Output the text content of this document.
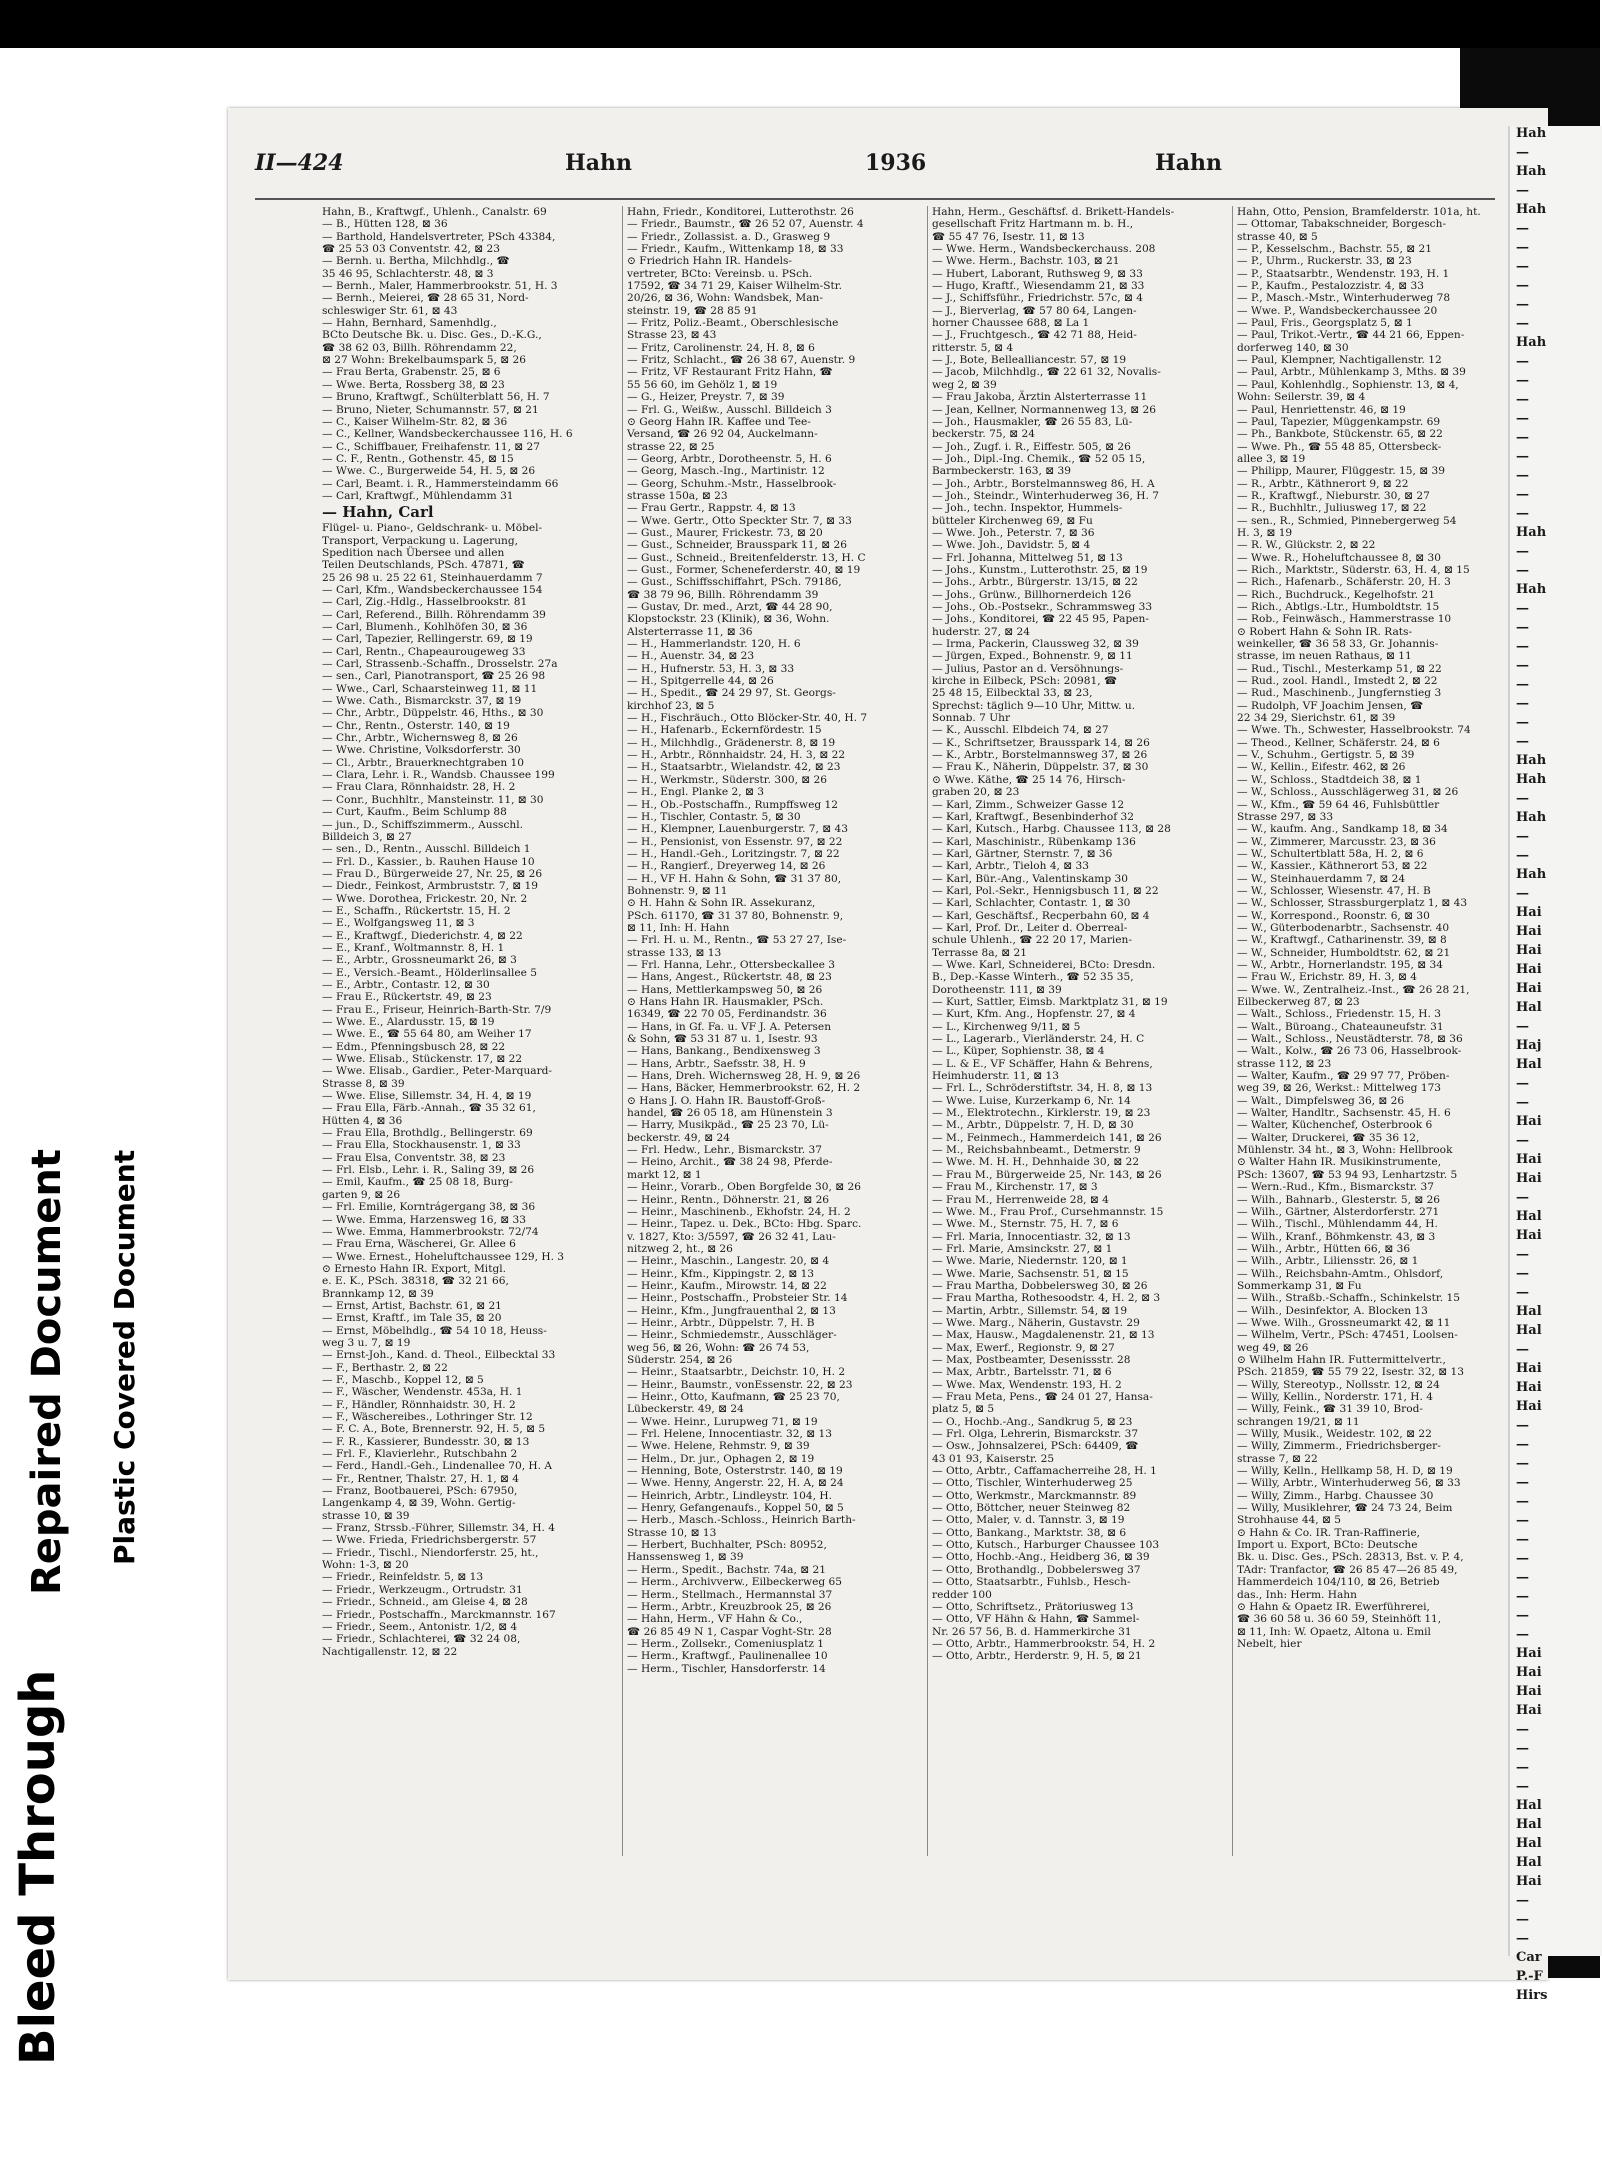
Bleed Through
Repaired Document Plastic Covered Document
Hah
—
Hah
—
Hah
—
—
—
—
—
—
Hah
—
—
—
—
—
—
—
—
—
Hah
—
—
Hah
—
—
—
—
—
—
—
—
Hah
Hah
—
Hah
—
—
Hah
—
Hai
Hai
Hai
Hai
Hai
Hal
—
Haj
Hal
—
—
Hai
—
Hai
Hai
—
Hal
Hai
—
—
—
Hal
Hal
—
Hai
Hai
Hai
—
—
—
—
—
—
—
—
—
—
—
—
Hai
Hai
Hai
Hai
—
—
—
—
Hal
Hal
Hal
Hal
Hai
—
—
—
Car
P.-F
Hirs
II—424	Hahn	1936	Hahn
Hahn, B., Kraftwgf., Uhlenh., Canalstr. 69
— B., Hütten 128, ⊠ 36
— Barthold, Handelsvertreter, PSch 43384,
☎ 25 53 03 Conventstr. 42, ⊠ 23
— Bernh. u. Bertha, Milchhdlg., ☎
35 46 95, Schlachterstr. 48, ⊠ 3
— Bernh., Maler, Hammerbrookstr. 51, H. 3
— Bernh., Meierei, ☎ 28 65 31, Nord-
schleswiger Str. 61, ⊠ 43
— Hahn, Bernhard, Samenhdlg.,
BCto Deutsche Bk. u. Disc. Ges., D.-K.G.,
☎ 38 62 03, Billh. Röhrendamm 22,
⊠ 27 Wohn: Brekelbaumspark 5, ⊠ 26
— Frau Berta, Grabenstr. 25, ⊠ 6
— Wwe. Berta, Rossberg 38, ⊠ 23
— Bruno, Kraftwgf., Schülterblatt 56, H. 7
— Bruno, Nieter, Schumannstr. 57, ⊠ 21
— C., Kaiser Wilhelm-Str. 82, ⊠ 36
— C., Kellner, Wandsbeckerchaussee 116, H. 6
— C., Schiffbauer, Freihafenstr. 11, ⊠ 27
— C. F., Rentn., Gothenstr. 45, ⊠ 15
— Wwe. C., Burgerweide 54, H. 5, ⊠ 26
— Carl, Beamt. i. R., Hammersteindamm 66
— Carl, Kraftwgf., Mühlendamm 31
— Hahn, Carl
Flügel- u. Piano-, Geldschrank- u. Möbel-
Transport, Verpackung u. Lagerung,
Spedition nach Übersee und allen
Teilen Deutschlands, PSch. 47871, ☎
25 26 98 u. 25 22 61, Steinhauerdamm 7
— Carl, Kfm., Wandsbeckerchaussee 154
— Carl, Zig.-Hdlg., Hasselbrookstr. 81
— Carl, Referend., Billh. Röhrendamm 39
— Carl, Blumenh., Kohlhöfen 30, ⊠ 36
— Carl, Tapezier, Rellingerstr. 69, ⊠ 19
— Carl, Rentn., Chapeaurougeweg 33
— Carl, Strassenb.-Schaffn., Drosselstr. 27a
— sen., Carl, Pianotransport, ☎ 25 26 98
— Wwe., Carl, Schaarsteinweg 11, ⊠ 11
— Wwe. Cath., Bismarckstr. 37, ⊠ 19
— Chr., Arbtr., Düppelstr. 46, Hths., ⊠ 30
— Chr., Rentn., Osterstr. 140, ⊠ 19
— Chr., Arbtr., Wichernsweg 8, ⊠ 26
— Wwe. Christine, Volksdorferstr. 30
— Cl., Arbtr., Brauerknechtgraben 10
— Clara, Lehr. i. R., Wandsb. Chaussee 199
— Frau Clara, Rönnhaidstr. 28, H. 2
— Conr., Buchhltr., Mansteinstr. 11, ⊠ 30
— Curt, Kaufm., Beim Schlump 88
— jun., D., Schiffszimmerm., Ausschl.
Billdeich 3, ⊠ 27
— sen., D., Rentn., Ausschl. Billdeich 1
— Frl. D., Kassier., b. Rauhen Hause 10
— Frau D., Bürgerweide 27, Nr. 25, ⊠ 26
— Diedr., Feinkost, Armbruststr. 7, ⊠ 19
— Wwe. Dorothea, Frickestr. 20, Nr. 2
— E., Schaffn., Rückertstr. 15, H. 2
— E., Wolfgangsweg 11, ⊠ 3
— E., Kraftwgf., Diederichstr. 4, ⊠ 22
— E., Kranf., Woltmannstr. 8, H. 1
— E., Arbtr., Grossneumarkt 26, ⊠ 3
— E., Versich.-Beamt., Hölderlinsallee 5
— E., Arbtr., Contastr. 12, ⊠ 30
— Frau E., Rückertstr. 49, ⊠ 23
— Frau E., Friseur, Heinrich-Barth-Str. 7/9
— Wwe. E., Alardusstr. 15, ⊠ 19
— Wwe. E., ☎ 55 64 80, am Weiher 17
— Edm., Pfenningsbusch 28, ⊠ 22
— Wwe. Elisab., Stückenstr. 17, ⊠ 22
— Wwe. Elisab., Gardier., Peter-Marquard-
Strasse 8, ⊠ 39
— Wwe. Elise, Sillemstr. 34, H. 4, ⊠ 19
— Frau Ella, Färb.-Annah., ☎ 35 32 61,
Hütten 4, ⊠ 36
— Frau Ella, Brothdlg., Bellingerstr. 69
— Frau Ella, Stockhausenstr. 1, ⊠ 33
— Frau Elsa, Conventstr. 38, ⊠ 23
— Frl. Elsb., Lehr. i. R., Saling 39, ⊠ 26
— Emil, Kaufm., ☎ 25 08 18, Burg-
garten 9, ⊠ 26
— Frl. Emilie, Korntrágergang 38, ⊠ 36
— Wwe. Emma, Harzensweg 16, ⊠ 33
— Wwe. Emma, Hammerbrookstr. 72/74
— Frau Erna, Wäscherei, Gr. Allee 6
— Wwe. Ernest., Hoheluftchaussee 129, H. 3
⊙ Ernesto Hahn IR. Export, Mitgl.
e. E. K., PSch. 38318, ☎ 32 21 66,
Brannkamp 12, ⊠ 39
— Ernst, Artist, Bachstr. 61, ⊠ 21
— Ernst, Kraftf., im Tale 35, ⊠ 20
— Ernst, Möbelhdlg., ☎ 54 10 18, Heuss-
weg 3 u. 7, ⊠ 19
— Ernst-Joh., Kand. d. Theol., Eilbecktal 33
— F., Berthastr. 2, ⊠ 22
— F., Maschb., Koppel 12, ⊠ 5
— F., Wäscher, Wendenstr. 453a, H. 1
— F., Händler, Rönnhaidstr. 30, H. 2
— F., Wäschereibes., Lothringer Str. 12
— F. C. A., Bote, Brennerstr. 92, H. 5, ⊠ 5
— F. R., Kassierer, Bundesstr. 30, ⊠ 13
— Frl. F., Klavierlehr., Rutschbahn 2
— Ferd., Handl.-Geh., Lindenallee 70, H. A
— Fr., Rentner, Thalstr. 27, H. 1, ⊠ 4
— Franz, Bootbauerei, PSch: 67950,
Langenkamp 4, ⊠ 39, Wohn. Gertig-
strasse 10, ⊠ 39
— Franz, Strssb.-Führer, Sillemstr. 34, H. 4
— Wwe. Frieda, Friedrichsbergerstr. 57
— Friedr., Tischl., Niendorferstr. 25, ht.,
Wohn: 1-3, ⊠ 20
— Friedr., Reinfeldstr. 5, ⊠ 13
— Friedr., Werkzeugm., Ortrudstr. 31
— Friedr., Schneid., am Gleise 4, ⊠ 28
— Friedr., Postschaffn., Marckmannstr. 167
— Friedr., Seem., Antonistr. 1/2, ⊠ 4
— Friedr., Schlachterei, ☎ 32 24 08,
Nachtigallenstr. 12, ⊠ 22
Hahn, Friedr., Konditorei, Lutterothstr. 26
— Friedr., Baumstr., ☎ 26 52 07, Auenstr. 4
— Friedr., Zollassist. a. D., Grasweg 9
— Friedr., Kaufm., Wittenkamp 18, ⊠ 33
⊙ Friedrich Hahn IR. Handels-
vertreter, BCto: Vereinsb. u. PSch.
17592, ☎ 34 71 29, Kaiser Wilhelm-Str.
20/26, ⊠ 36, Wohn: Wandsbek, Man-
steinstr. 19, ☎ 28 85 91
— Fritz, Poliz.-Beamt., Oberschlesische
Strasse 23, ⊠ 43
— Fritz, Carolinenstr. 24, H. 8, ⊠ 6
— Fritz, Schlacht., ☎ 26 38 67, Auenstr. 9
— Fritz, VF Restaurant Fritz Hahn, ☎
55 56 60, im Gehölz 1, ⊠ 19
— G., Heizer, Preystr. 7, ⊠ 39
— Frl. G., Weißw., Ausschl. Billdeich 3
⊙ Georg Hahn IR. Kaffee und Tee-
Versand, ☎ 26 92 04, Auckelmann-
strasse 22, ⊠ 25
— Georg, Arbtr., Dorotheenstr. 5, H. 6
— Georg, Masch.-Ing., Martinistr. 12
— Georg, Schuhm.-Mstr., Hasselbrook-
strasse 150a, ⊠ 23
— Frau Gertr., Rappstr. 4, ⊠ 13
— Wwe. Gertr., Otto Speckter Str. 7, ⊠ 33
— Gust., Maurer, Frickestr. 73, ⊠ 20
— Gust., Schneider, Brausspark 11, ⊠ 26
— Gust., Schneid., Breitenfelderstr. 13, H. C
— Gust., Former, Scheneferderstr. 40, ⊠ 19
— Gust., Schiffsschiffahrt, PSch. 79186,
☎ 38 79 96, Billh. Röhrendamm 39
— Gustav, Dr. med., Arzt, ☎ 44 28 90,
Klopstockstr. 23 (Klinik), ⊠ 36, Wohn.
Alsterterrasse 11, ⊠ 36
— H., Hammerlandstr. 120, H. 6
— H., Auenstr. 34, ⊠ 23
— H., Hufnerstr. 53, H. 3, ⊠ 33
— H., Spitgerrelle 44, ⊠ 26
— H., Spedit., ☎ 24 29 97, St. Georgs-
kirchhof 23, ⊠ 5
— H., Fischräuch., Otto Blöcker-Str. 40, H. 7
— H., Hafenarb., Eckernfördestr. 15
— H., Milchhdlg., Grädenerstr. 8, ⊠ 19
— H., Arbtr., Rönnhaidstr. 24, H. 3, ⊠ 22
— H., Staatsarbtr., Wielandstr. 42, ⊠ 23
— H., Werkmstr., Süderstr. 300, ⊠ 26
— H., Engl. Planke 2, ⊠ 3
— H., Ob.-Postschaffn., Rumpffsweg 12
— H., Tischler, Contastr. 5, ⊠ 30
— H., Klempner, Lauenburgerstr. 7, ⊠ 43
— H., Pensionist, von Essenstr. 97, ⊠ 22
— H., Handl.-Geh., Loritzingstr. 7, ⊠ 22
— H., Rangierf., Dreyerweg 14, ⊠ 26
— H., VF H. Hahn & Sohn, ☎ 31 37 80,
Bohnenstr. 9, ⊠ 11
⊙ H. Hahn & Sohn IR. Assekuranz,
PSch. 61170, ☎ 31 37 80, Bohnenstr. 9,
⊠ 11, Inh: H. Hahn
— Frl. H. u. M., Rentn., ☎ 53 27 27, Ise-
strasse 133, ⊠ 13
— Frl. Hanna, Lehr., Ottersbeckallee 3
— Hans, Angest., Rückertstr. 48, ⊠ 23
— Hans, Mettlerkampsweg 50, ⊠ 26
⊙ Hans Hahn IR. Hausmakler, PSch.
16349, ☎ 22 70 05, Ferdinandstr. 36
— Hans, in Gf. Fa. u. VF J. A. Petersen
& Sohn, ☎ 53 31 87 u. 1, Isestr. 93
— Hans, Bankang., Bendixensweg 3
— Hans, Arbtr., Saefsstr. 38, H. 9
— Hans, Dreh. Wichernsweg 28, H. 9, ⊠ 26
— Hans, Bäcker, Hemmerbrookstr. 62, H. 2
⊙ Hans J. O. Hahn IR. Baustoff-Groß-
handel, ☎ 26 05 18, am Hünenstein 3
— Harry, Musikpäd., ☎ 25 23 70, Lü-
beckerstr. 49, ⊠ 24
— Frl. Hedw., Lehr., Bismarckstr. 37
— Heino, Archit., ☎ 38 24 98, Pferde-
markt 12, ⊠ 1
— Heinr., Vorarb., Oben Borgfelde 30, ⊠ 26
— Heinr., Rentn., Döhnerstr. 21, ⊠ 26
— Heinr., Maschinenb., Ekhofstr. 24, H. 2
— Heinr., Tapez. u. Dek., BCto: Hbg. Sparc.
v. 1827, Kto: 3/5597, ☎ 26 32 41, Lau-
nitzweg 2, ht., ⊠ 26
— Heinr., Maschin., Langestr. 20, ⊠ 4
— Heinr., Kfm., Kippingstr. 2, ⊠ 13
— Heinr., Kaufm., Mirowstr. 14, ⊠ 22
— Heinr., Postschaffn., Probsteier Str. 14
— Heinr., Kfm., Jungfrauenthal 2, ⊠ 13
— Heinr., Arbtr., Düppelstr. 7, H. B
— Heinr., Schmiedemstr., Ausschläger-
weg 56, ⊠ 26, Wohn: ☎ 26 74 53,
Süderstr. 254, ⊠ 26
— Heinr., Staatsarbtr., Deichstr. 10, H. 2
— Heinr., Baumstr., vonEssenstr. 22, ⊠ 23
— Heinr., Otto, Kaufmann, ☎ 25 23 70,
Lübeckerstr. 49, ⊠ 24
— Wwe. Heinr., Lurupweg 71, ⊠ 19
— Frl. Helene, Innocentiastr. 32, ⊠ 13
— Wwe. Helene, Rehmstr. 9, ⊠ 39
— Helm., Dr. jur., Ophagen 2, ⊠ 19
— Henning, Bote, Osterstrstr. 140, ⊠ 19
— Wwe. Henny, Angerstr. 22, H. A, ⊠ 24
— Heinrich, Arbtr., Lindleystr. 104, H.
— Henry, Gefangenaufs., Koppel 50, ⊠ 5
— Herb., Masch.-Schloss., Heinrich Barth-
Strasse 10, ⊠ 13
— Herbert, Buchhalter, PSch: 80952,
Hanssensweg 1, ⊠ 39
— Herm., Spedit., Bachstr. 74a, ⊠ 21
— Herm., Archivverw., Eilbeckerweg 65
— Herm., Stellmach., Hermannstal 37
— Herm., Arbtr., Kreuzbrook 25, ⊠ 26
— Hahn, Herm., VF Hahn & Co.,
☎ 26 85 49 N 1, Caspar Voght-Str. 28
— Herm., Zollsekr., Comeniusplatz 1
— Herm., Kraftwgf., Paulinenallee 10
— Herm., Tischler, Hansdorferstr. 14
Hahn, Herm., Geschäftsf. d. Brikett-Handels-
gesellschaft Fritz Hartmann m. b. H.,
☎ 55 47 76, Isestr. 11, ⊠ 13
— Wwe. Herm., Wandsbeckerchauss. 208
— Wwe. Herm., Bachstr. 103, ⊠ 21
— Hubert, Laborant, Ruthsweg 9, ⊠ 33
— Hugo, Kraftf., Wiesendamm 21, ⊠ 33
— J., Schiffsführ., Friedrichstr. 57c, ⊠ 4
— J., Bierverlag, ☎ 57 80 64, Langen-
horner Chaussee 688, ⊠ La 1
— J., Fruchtgesch., ☎ 42 71 88, Heid-
ritterstr. 5, ⊠ 4
— J., Bote, Bellealliancestr. 57, ⊠ 19
— Jacob, Milchhdlg., ☎ 22 61 32, Novalis-
weg 2, ⊠ 39
— Frau Jakoba, Ärztin Alsterterrasse 11
— Jean, Kellner, Normannenweg 13, ⊠ 26
— Joh., Hausmakler, ☎ 26 55 83, Lü-
beckerstr. 75, ⊠ 24
— Joh., Zugf. i. R., Eiffestr. 505, ⊠ 26
— Joh., Dipl.-Ing. Chemik., ☎ 52 05 15,
Barmbeckerstr. 163, ⊠ 39
— Joh., Arbtr., Borstelmannsweg 86, H. A
— Joh., Steindr., Winterhuderweg 36, H. 7
— Joh., techn. Inspektor, Hummels-
bütteler Kirchenweg 69, ⊠ Fu
— Wwe. Joh., Peterstr. 7, ⊠ 36
— Wwe. Joh., Davidstr. 5, ⊠ 4
— Frl. Johanna, Mittelweg 51, ⊠ 13
— Johs., Kunstm., Lutterothstr. 25, ⊠ 19
— Johs., Arbtr., Bürgerstr. 13/15, ⊠ 22
— Johs., Grünw., Billhornerdeich 126
— Johs., Ob.-Postsekr., Schrammsweg 33
— Johs., Konditorei, ☎ 22 45 95, Papen-
huderstr. 27, ⊠ 24
— Irma, Packerin, Claussweg 32, ⊠ 39
— Jürgen, Exped., Bohnenstr. 9, ⊠ 11
— Julius, Pastor an d. Versöhnungs-
kirche in Eilbeck, PSch: 20981, ☎
25 48 15, Eilbecktal 33, ⊠ 23,
Sprechst: täglich 9—10 Uhr, Mittw. u.
Sonnab. 7 Uhr
— K., Ausschl. Elbdeich 74, ⊠ 27
— K., Schriftsetzer, Brausspark 14, ⊠ 26
— K., Arbtr., Borstelmannsweg 37, ⊠ 26
— Frau K., Näherin, Düppelstr. 37, ⊠ 30
⊙ Wwe. Käthe, ☎ 25 14 76, Hirsch-
graben 20, ⊠ 23
— Karl, Zimm., Schweizer Gasse 12
— Karl, Kraftwgf., Besenbinderhof 32
— Karl, Kutsch., Harbg. Chaussee 113, ⊠ 28
— Karl, Maschinistr., Rübenkamp 136
— Karl, Gärtner, Sternstr. 7, ⊠ 36
— Karl, Arbtr., Tieloh 4, ⊠ 33
— Karl, Bür.-Ang., Valentinskamp 30
— Karl, Pol.-Sekr., Hennigsbusch 11, ⊠ 22
— Karl, Schlachter, Contastr. 1, ⊠ 30
— Karl, Geschäftsf., Recperbahn 60, ⊠ 4
— Karl, Prof. Dr., Leiter d. Oberreal-
schule Uhlenh., ☎ 22 20 17, Marien-
Terrasse 8a, ⊠ 21
— Wwe. Karl, Schneiderei, BCto: Dresdn.
B., Dep.-Kasse Winterh., ☎ 52 35 35,
Dorotheenstr. 111, ⊠ 39
— Kurt, Sattler, Eimsb. Marktplatz 31, ⊠ 19
— Kurt, Kfm. Ang., Hopfenstr. 27, ⊠ 4
— L., Kirchenweg 9/11, ⊠ 5
— L., Lagerarb., Vierländerstr. 24, H. C
— L., Küper, Sophienstr. 38, ⊠ 4
— L. & E., VF Schäffer, Hahn & Behrens,
Heimhuderstr. 11, ⊠ 13
— Frl. L., Schröderstiftstr. 34, H. 8, ⊠ 13
— Wwe. Luise, Kurzerkamp 6, Nr. 14
— M., Elektrotechn., Kirklerstr. 19, ⊠ 23
— M., Arbtr., Düppelstr. 7, H. D, ⊠ 30
— M., Feinmech., Hammerdeich 141, ⊠ 26
— M., Reichsbahnbeamt., Detmerstr. 9
— Wwe. M. H. H., Dehnhaide 30, ⊠ 22
— Frau M., Bürgerweide 25, Nr. 143, ⊠ 26
— Frau M., Kirchenstr. 17, ⊠ 3
— Frau M., Herrenweide 28, ⊠ 4
— Wwe. M., Frau Prof., Cursehmannstr. 15
— Wwe. M., Sternstr. 75, H. 7, ⊠ 6
— Frl. Maria, Innocentiastr. 32, ⊠ 13
— Frl. Marie, Amsinckstr. 27, ⊠ 1
— Wwe. Marie, Niedernstr. 120, ⊠ 1
— Wwe. Marie, Sachsenstr. 51, ⊠ 15
— Frau Martha, Dobbelersweg 30, ⊠ 26
— Frau Martha, Rothesoodstr. 4, H. 2, ⊠ 3
— Martin, Arbtr., Sillemstr. 54, ⊠ 19
— Wwe. Marg., Näherin, Gustavstr. 29
— Max, Hausw., Magdalenenstr. 21, ⊠ 13
— Max, Ewerf., Regionstr. 9, ⊠ 27
— Max, Postbeamter, Desenissstr. 28
— Max, Arbtr., Bartelsstr. 71, ⊠ 6
— Wwe. Max, Wendenstr. 193, H. 2
— Frau Meta, Pens., ☎ 24 01 27, Hansa-
platz 5, ⊠ 5
— O., Hochb.-Ang., Sandkrug 5, ⊠ 23
— Frl. Olga, Lehrerin, Bismarckstr. 37
— Osw., Johnsalzerei, PSch: 64409, ☎
43 01 93, Kaiserstr. 25
— Otto, Arbtr., Caffamacherreihe 28, H. 1
— Otto, Tischler, Winterhuderweg 25
— Otto, Werkmstr., Marckmannstr. 89
— Otto, Böttcher, neuer Steinweg 82
— Otto, Maler, v. d. Tannstr. 3, ⊠ 19
— Otto, Bankang., Marktstr. 38, ⊠ 6
— Otto, Kutsch., Harburger Chaussee 103
— Otto, Hochb.-Ang., Heidberg 36, ⊠ 39
— Otto, Brothandlg., Dobbelersweg 37
— Otto, Staatsarbtr., Fuhlsb., Hesch-
redder 100
— Otto, Schriftsetz., Prätoriusweg 13
— Otto, VF Hähn & Hahn, ☎ Sammel-
Nr. 26 57 56, B. d. Hammerkirche 31
— Otto, Arbtr., Hammerbrookstr. 54, H. 2
— Otto, Arbtr., Herderstr. 9, H. 5, ⊠ 21
Hahn, Otto, Pension, Bramfelderstr. 101a, ht.
— Ottomar, Tabakschneider, Borgesch-
strasse 40, ⊠ 5
— P., Kesselschm., Bachstr. 55, ⊠ 21
— P., Uhrm., Ruckerstr. 33, ⊠ 23
— P., Staatsarbtr., Wendenstr. 193, H. 1
— P., Kaufm., Pestalozzistr. 4, ⊠ 33
— P., Masch.-Mstr., Winterhuderweg 78
— Wwe. P., Wandsbeckerchaussee 20
— Paul, Fris., Georgsplatz 5, ⊠ 1
— Paul, Trikot.-Vertr., ☎ 44 21 66, Eppen-
dorferweg 140, ⊠ 30
— Paul, Klempner, Nachtigallenstr. 12
— Paul, Arbtr., Mühlenkamp 3, Mths. ⊠ 39
— Paul, Kohlenhdlg., Sophienstr. 13, ⊠ 4,
Wohn: Seilerstr. 39, ⊠ 4
— Paul, Henriettenstr. 46, ⊠ 19
— Paul, Tapezier, Müggenkampstr. 69
— Ph., Bankbote, Stückenstr. 65, ⊠ 22
— Wwe. Ph., ☎ 55 48 85, Ottersbeck-
allee 3, ⊠ 19
— Philipp, Maurer, Flüggestr. 15, ⊠ 39
— R., Arbtr., Käthnerort 9, ⊠ 22
— R., Kraftwgf., Nieburstr. 30, ⊠ 27
— R., Buchhltr., Juliusweg 17, ⊠ 22
— sen., R., Schmied, Pinnebergerweg 54
H. 3, ⊠ 19
— R. W., Glückstr. 2, ⊠ 22
— Wwe. R., Hoheluftchaussee 8, ⊠ 30
— Rich., Marktstr., Süderstr. 63, H. 4, ⊠ 15
— Rich., Hafenarb., Schäferstr. 20, H. 3
— Rich., Buchdruck., Kegelhofstr. 21
— Rich., Abtlgs.-Ltr., Humboldtstr. 15
— Rob., Feinwäsch., Hammerstrasse 10
⊙ Robert Hahn & Sohn IR. Rats-
weinkeller, ☎ 36 58 33, Gr. Johannis-
strasse, im neuen Rathaus, ⊠ 11
— Rud., Tischl., Mesterkamp 51, ⊠ 22
— Rud., zool. Handl., Imstedt 2, ⊠ 22
— Rud., Maschinenb., Jungfernstieg 3
— Rudolph, VF Joachim Jensen, ☎
22 34 29, Sierichstr. 61, ⊠ 39
— Wwe. Th., Schwester, Hasselbrookstr. 74
— Theod., Kellner, Schäferstr. 24, ⊠ 6
— V., Schuhm., Gertigstr. 5, ⊠ 39
— W., Kellin., Eifestr. 462, ⊠ 26
— W., Schloss., Stadtdeich 38, ⊠ 1
— W., Schloss., Ausschlägerweg 31, ⊠ 26
— W., Kfm., ☎ 59 64 46, Fuhlsbüttler
Strasse 297, ⊠ 33
— W., kaufm. Ang., Sandkamp 18, ⊠ 34
— W., Zimmerer, Marcusstr. 23, ⊠ 36
— W., Schultertblatt 58a, H. 2, ⊠ 6
— W., Kassier., Käthnerort 53, ⊠ 22
— W., Steinhauerdamm 7, ⊠ 24
— W., Schlosser, Wiesenstr. 47, H. B
— W., Schlosser, Strassburgerplatz 1, ⊠ 43
— W., Korrespond., Roonstr. 6, ⊠ 30
— W., Güterbodenarbtr., Sachsenstr. 40
— W., Kraftwgf., Catharinenstr. 39, ⊠ 8
— W., Schneider, Humboldtstr. 62, ⊠ 21
— W., Arbtr., Hornerlandstr. 195, ⊠ 34
— Frau W., Erichstr. 89, H. 3, ⊠ 4
— Wwe. W., Zentralheiz.-Inst., ☎ 26 28 21,
Eilbeckerweg 87, ⊠ 23
— Walt., Schloss., Friedenstr. 15, H. 3
— Walt., Büroang., Chateauneufstr. 31
— Walt., Schloss., Neustädterstr. 78, ⊠ 36
— Walt., Kolw., ☎ 26 73 06, Hasselbrook-
strasse 112, ⊠ 23
— Walter, Kaufm., ☎ 29 97 77, Pröben-
weg 39, ⊠ 26, Werkst.: Mittelweg 173
— Walt., Dimpfelsweg 36, ⊠ 26
— Walter, Handltr., Sachsenstr. 45, H. 6
— Walter, Küchenchef, Osterbrook 6
— Walter, Druckerei, ☎ 35 36 12,
Mühlenstr. 34 ht., ⊠ 3, Wohn: Hellbrook
⊙ Walter Hahn IR. Musikinstrumente,
PSch: 13607, ☎ 53 94 93, Lenhartzstr. 5
— Wern.-Rud., Kfm., Bismarckstr. 37
— Wilh., Bahnarb., Glesterstr. 5, ⊠ 26
— Wilh., Gärtner, Alsterdorferstr. 271
— Wilh., Tischl., Mühlendamm 44, H.
— Wilh., Kranf., Böhmkenstr. 43, ⊠ 3
— Wilh., Arbtr., Hütten 66, ⊠ 36
— Wilh., Arbtr., Liliensstr. 26, ⊠ 1
— Wilh., Reichsbahn-Amtm., Ohlsdorf,
Sommerkamp 31, ⊠ Fu
— Wilh., Straßb.-Schaffn., Schinkelstr. 15
— Wilh., Desinfektor, A. Blocken 13
— Wwe. Wilh., Grossneumarkt 42, ⊠ 11
— Wilhelm, Vertr., PSch: 47451, Loolsen-
weg 49, ⊠ 26
⊙ Wilhelm Hahn IR. Futtermittelvertr.,
PSch. 21859, ☎ 55 79 22, Isestr. 32, ⊠ 13
— Willy, Stereotyp., Nollsstr. 12, ⊠ 24
— Willy, Kellin., Norderstr. 171, H. 4
— Willy, Feink., ☎ 31 39 10, Brod-
schrangen 19/21, ⊠ 11
— Willy, Musik., Weidestr. 102, ⊠ 22
— Willy, Zimmerm., Friedrichsberger-
strasse 7, ⊠ 22
— Willy, Kelln., Hellkamp 58, H. D, ⊠ 19
— Willy, Arbtr., Winterhuderweg 56, ⊠ 33
— Willy, Zimm., Harbg. Chaussee 30
— Willy, Musiklehrer, ☎ 24 73 24, Beim
Strohhause 44, ⊠ 5
⊙ Hahn & Co. IR. Tran-Raffinerie,
Import u. Export, BCto: Deutsche
Bk. u. Disc. Ges., PSch. 28313, Bst. v. P. 4,
TAdr: Tranfactor, ☎ 26 85 47—26 85 49,
Hammerdeich 104/110, ⊠ 26, Betrieb
das., Inh: Herm. Hahn
⊙ Hahn & Opaetz IR. Ewerführerei,
☎ 36 60 58 u. 36 60 59, Steinhöft 11,
⊠ 11, Inh: W. Opaetz, Altona u. Emil
Nebelt, hier
